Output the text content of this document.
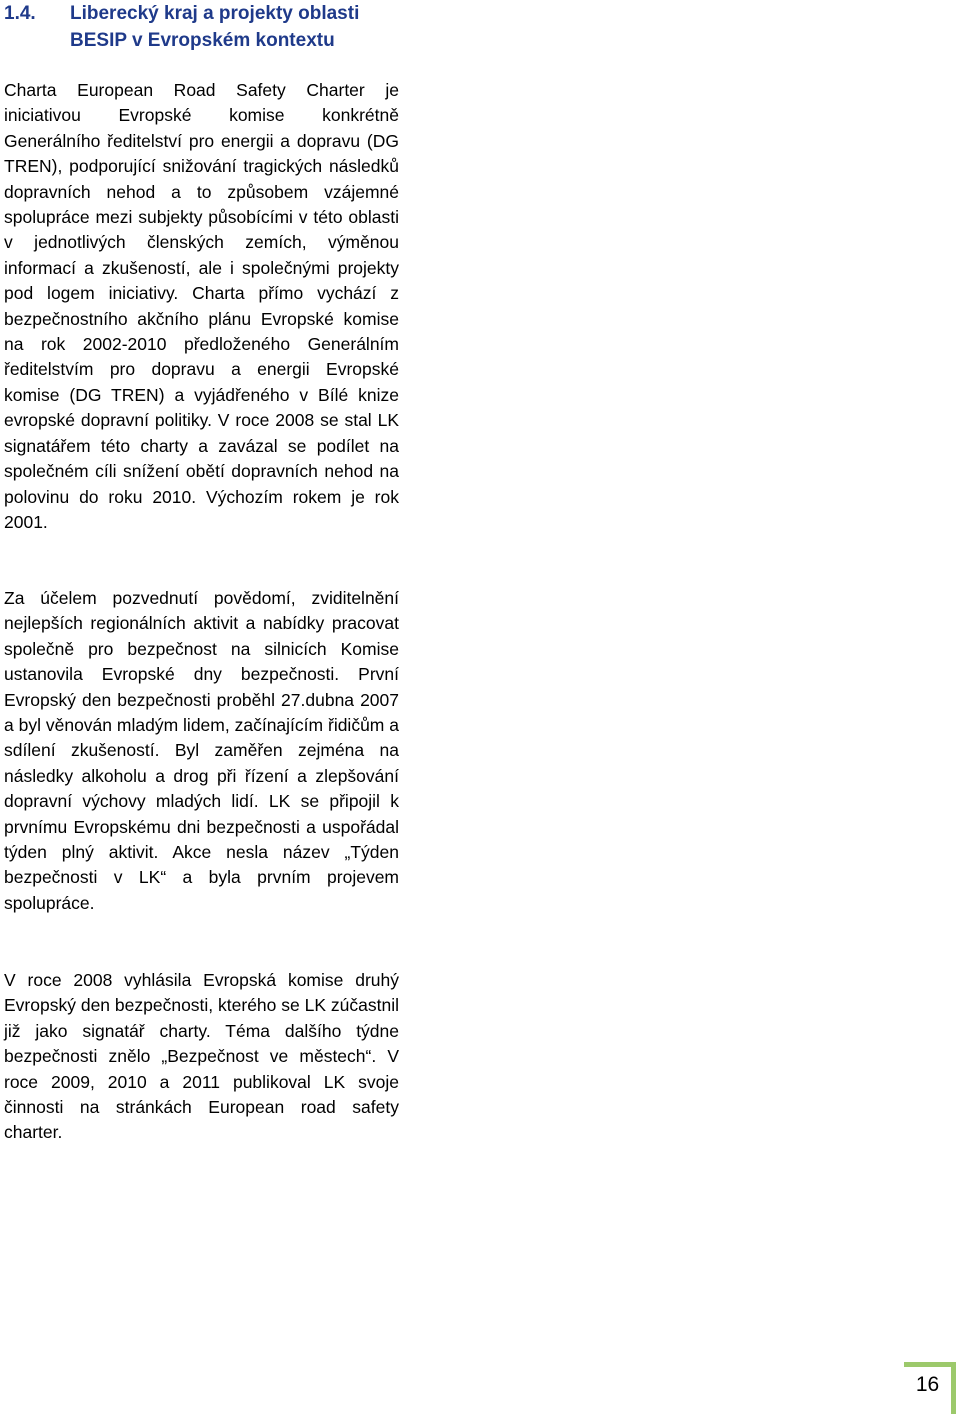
1.4. Liberecký kraj a projekty oblasti
BESIP v Evropském kontextu

Charta European Road Safety Charter je iniciativou Evropské komise konkrétně Generálního ředitelství pro energii a dopravu (DG TREN), podporující snižování tragických následků dopravních nehod a to způsobem vzájemné spolupráce mezi subjekty působícími v této oblasti v jednotlivých členských zemích, výměnou informací a zkušeností, ale i společnými projekty pod logem iniciativy. Charta přímo vychází z bezpečnostního akčního plánu Evropské komise na rok 2002-2010 předloženého Generálním ředitelstvím pro dopravu a energii Evropské komise (DG TREN) a vyjádřeného v Bílé knize evropské dopravní politiky. V roce 2008 se stal LK signatářem této charty a zavázal se podílet na společném cíli snížení obětí dopravních nehod na polovinu do roku 2010. Výchozím rokem je rok 2001.

Za účelem pozvednutí povědomí, zviditelnění nejlepších regionálních aktivit a nabídky pracovat společně pro bezpečnost na silnicích Komise ustanovila Evropské dny bezpečnosti. První Evropský den bezpečnosti proběhl 27.dubna 2007 a byl věnován mladým lidem, začínajícím řidičům a sdílení zkušeností. Byl zaměřen zejména na následky alkoholu a drog při řízení a zlepšování dopravní výchovy mladých lidí. LK se připojil k prvnímu Evropskému dni bezpečnosti a uspořádal týden plný aktivit. Akce nesla název „Týden bezpečnosti v LK“ a byla prvním projevem spolupráce.

V roce 2008 vyhlásila Evropská komise druhý Evropský den bezpečnosti, kterého se LK zúčastnil již jako signatář charty. Téma dalšího týdne bezpečnosti znělo „Bezpečnost ve městech“. V roce 2009, 2010 a 2011 publikoval LK svoje činnosti na stránkách European road safety charter.

16
